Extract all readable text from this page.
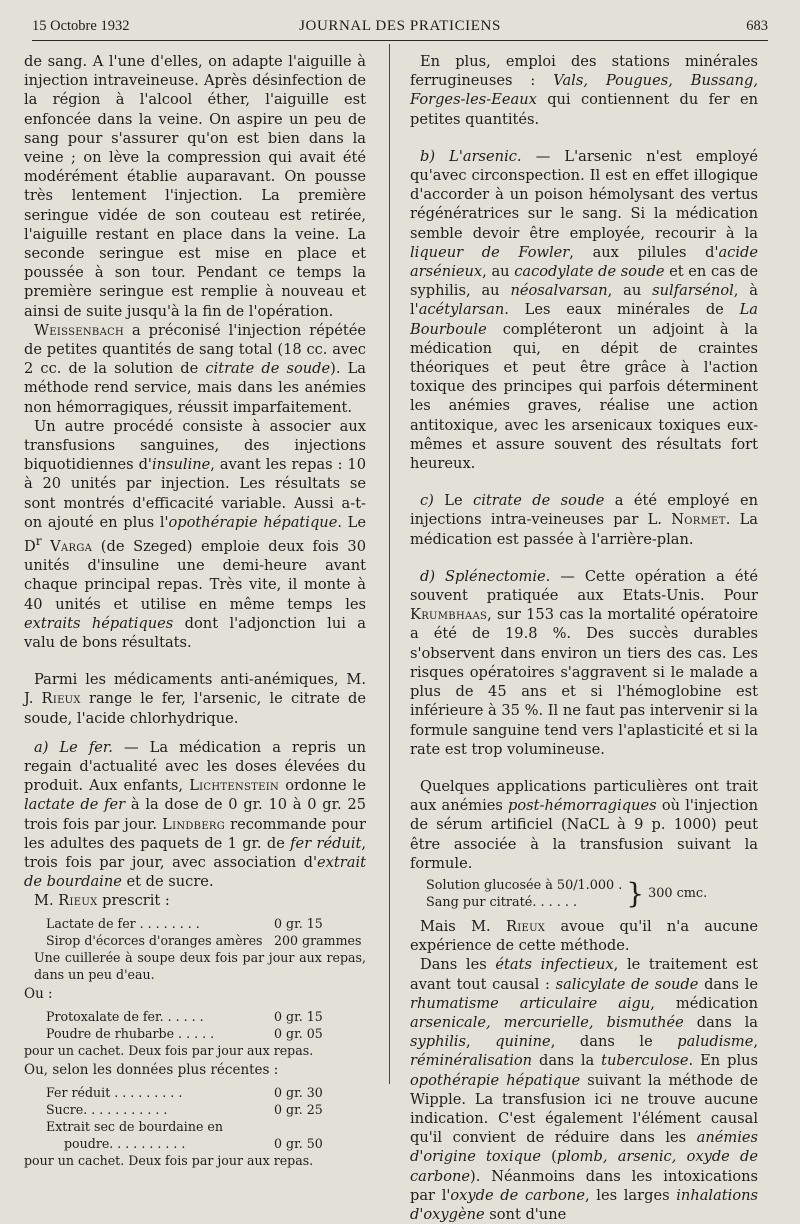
15 Octobre 1932	JOURNAL DES PRATICIENS	683

de sang. A l'une d'elles, on adapte l'aiguille à injection intraveineuse. Après désinfection de la région à l'alcool éther, l'aiguille est enfoncée dans la veine. On aspire un peu de sang pour s'assurer qu'on est bien dans la veine ; on lève la compression qui avait été modérément établie auparavant. On pousse très lentement l'injection. La première seringue vidée de son couteau est retirée, l'aiguille restant en place dans la veine. La seconde seringue est mise en place et poussée à son tour. Pendant ce temps la première seringue est remplie à nouveau et ainsi de suite jusqu'à la fin de l'opération.

Weissenbach a préconisé l'injection répétée de petites quantités de sang total (18 cc. avec 2 cc. de la solution de citrate de soude). La méthode rend service, mais dans les anémies non hémorragiques, réussit imparfaitement.

Un autre procédé consiste à associer aux transfusions sanguines, des injections biquotidiennes d'insuline, avant les repas : 10 à 20 unités par injection. Les résultats se sont montrés d'efficacité variable. Aussi a-t-on ajouté en plus l'opothérapie hépatique. Le $D^r$ Varga (de Szeged) emploie deux fois 30 unités d'insuline une demi-heure avant chaque principal repas. Très vite, il monte à 40 unités et utilise en même temps les extraits hépatiques dont l'adjonction lui a valu de bons résultats.

Parmi les médicaments anti-anémiques, M. J. Rieux range le fer, l'arsenic, le citrate de soude, l'acide chlorhydrique.

a) Le fer. — La médication a repris un regain d'actualité avec les doses élevées du produit. Aux enfants, Lichtenstein ordonne le lactate de fer à la dose de 0 gr. 10 à 0 gr. 25 trois fois par jour. Lindberg recommande pour les adultes des paquets de 1 gr. de fer réduit, trois fois par jour, avec association d'extrait de bourdaine et de sucre.

M. Rieux prescrit :

Lactate de fer . . . . . . . .	0 gr. 15
Sirop d'écorces d'oranges amères 200 grammes

Une cuillerée à soupe deux fois par jour aux repas, dans un peu d'eau.

Ou :

Protoxalate de fer. . . . . .	0 gr. 15
Poudre de rhubarbe . . . . .	0 gr. 05

pour un cachet. Deux fois par jour aux repas.

Ou, selon les données plus récentes :

Fer réduit . . . . . . . . .	0 gr. 30
Sucre. . . . . . . . . . .	0 gr. 25
Extrait sec de bourdaine en
poudre. . . . . . . . . .	0 gr. 50

pour un cachet. Deux fois par jour aux repas.

En plus, emploi des stations minérales ferrugineuses : Vals, Pougues, Bussang, Forges-les-Eeaux qui contiennent du fer en petites quantités.

b) L'arsenic. — L'arsenic n'est employé qu'avec circonspection. Il est en effet illogique d'accorder à un poison hémolysant des vertus régénératrices sur le sang. Si la médication semble devoir être employée, recourir à la liqueur de Fowler, aux pilules d'acide arsénieux, au cacodylate de soude et en cas de syphilis, au néosalvarsan, au sulfarsénol, à l'acétylarsan. Les eaux minérales de La Bourboule compléteront un adjoint à la médication qui, en dépit de craintes théoriques et peut être grâce à l'action toxique des principes qui parfois déterminent les anémies graves, réalise une action antitoxique, avec les arsenicaux toxiques eux-mêmes et assure souvent des résultats fort heureux.

c) Le citrate de soude a été employé en injections intra-veineuses par L. Normet. La médication est passée à l'arrière-plan.

d) Splénectomie. — Cette opération a été souvent pratiquée aux Etats-Unis. Pour Krumbhaas, sur 153 cas la mortalité opératoire a été de 19.8 %. Des succès durables s'observent dans environ un tiers des cas. Les risques opératoires s'aggravent si le malade a plus de 45 ans et si l'hémoglobine est inférieure à 35 %. Il ne faut pas intervenir si la formule sanguine tend vers l'aplasticité et si la rate est trop volumineuse.

Quelques applications particulières ont trait aux anémies post-hémorragiques où l'injection de sérum artificiel (NaCL à 9 p. 1000) peut être associée à la transfusion suivant la formule.

Solution glucosée à 50/1.000 .
Sang pur citraté. . . . . .	} 300 cmc.

Mais M. Rieux avoue qu'il n'a aucune expérience de cette méthode.

Dans les états infectieux, le traitement est avant tout causal : salicylate de soude dans le rhumatisme articulaire aigu, médication arsenicale, mercurielle, bismuthée dans la syphilis, quinine, dans le paludisme, réminéralisation dans la tuberculose. En plus opothérapie hépatique suivant la méthode de Wipple. La transfusion ici ne trouve aucune indication. C'est également l'élément causal qu'il convient de réduire dans les anémies d'origine toxique (plomb, arsenic, oxyde de carbone). Néanmoins dans les intoxications par l'oxyde de carbone, les larges inhalations d'oxygène sont d'une
